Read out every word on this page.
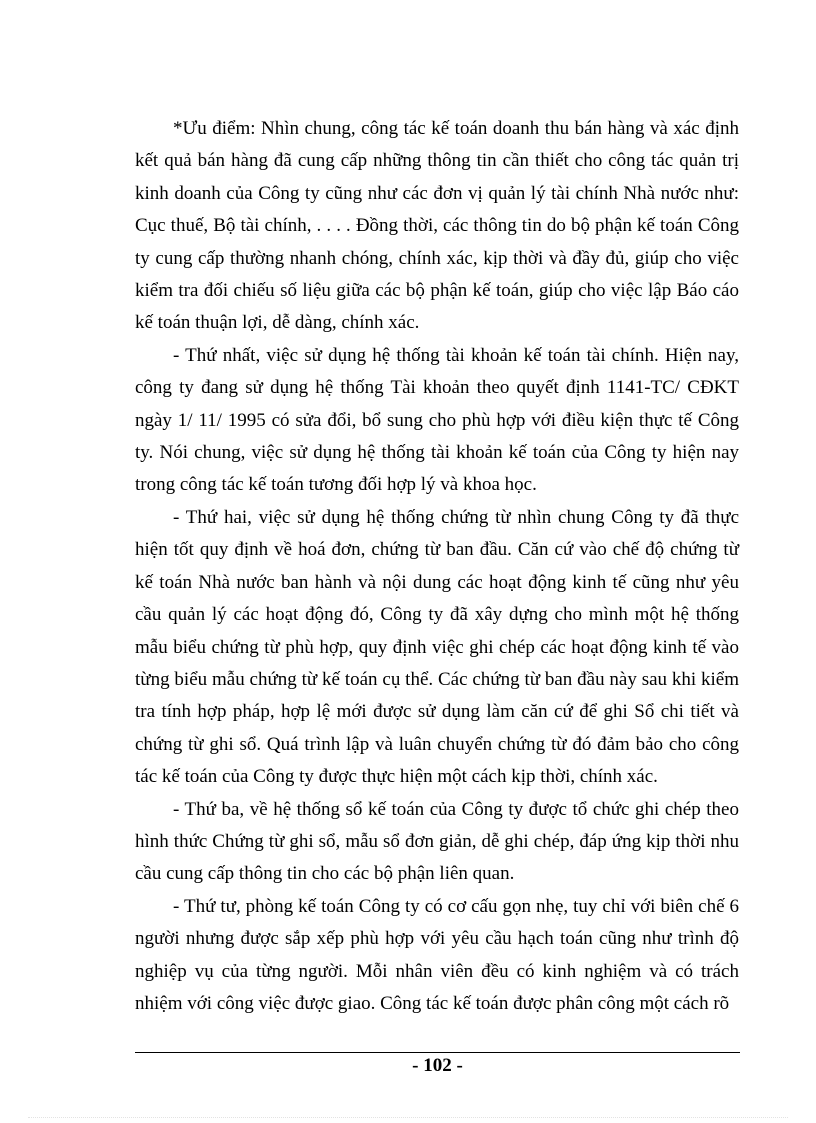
*Ưu điểm: Nhìn chung, công tác kế toán doanh thu bán hàng và xác định kết quả bán hàng đã cung cấp những thông tin cần thiết cho công tác quản trị kinh doanh của Công ty cũng như các đơn vị quản lý tài chính Nhà nước như: Cục thuế, Bộ tài chính, . . . . Đồng thời, các thông tin do bộ phận kế toán Công ty cung cấp thường nhanh chóng, chính xác, kịp thời và đầy đủ, giúp cho việc kiểm tra đối chiếu số liệu giữa các bộ phận kế toán, giúp cho việc lập Báo cáo kế toán thuận lợi, dễ dàng, chính xác.

- Thứ nhất, việc sử dụng hệ thống tài khoản kế toán tài chính. Hiện nay, công ty đang sử dụng hệ thống Tài khoản theo quyết định 1141-TC/ CĐKT ngày 1/ 11/ 1995 có sửa đổi, bổ sung cho phù hợp với điều kiện thực tế Công ty. Nói chung, việc sử dụng hệ thống tài khoản kế toán của Công ty hiện nay trong công tác kế toán tương đối hợp lý và khoa học.

- Thứ hai, việc sử dụng hệ thống chứng từ nhìn chung Công ty đã thực hiện tốt quy định về hoá đơn, chứng từ ban đầu. Căn cứ vào chế độ chứng từ kế toán Nhà nước ban hành và nội dung các hoạt động kinh tế cũng như yêu cầu quản lý các hoạt động đó, Công ty đã xây dựng cho mình một hệ thống mẫu biểu chứng từ phù hợp, quy định việc ghi chép các hoạt động kinh tế vào từng biểu mẫu chứng từ kế toán cụ thể. Các chứng từ ban đầu này sau khi kiểm tra tính hợp pháp, hợp lệ mới được sử dụng làm căn cứ để ghi Sổ chi tiết và chứng từ ghi sổ. Quá trình lập và luân chuyển chứng từ đó đảm bảo cho công tác kế toán của Công ty được thực hiện một cách kịp thời, chính xác.

- Thứ ba, về hệ thống sổ kế toán của Công ty được tổ chức ghi chép theo hình thức Chứng từ ghi sổ, mẫu sổ đơn giản, dễ ghi chép, đáp ứng kịp thời nhu cầu cung cấp thông tin cho các bộ phận liên quan.

- Thứ tư, phòng kế toán Công ty có cơ cấu gọn nhẹ, tuy chỉ với biên chế 6 người nhưng được sắp xếp phù hợp với yêu cầu hạch toán cũng như trình độ nghiệp vụ của từng người. Mỗi nhân viên đều có kinh nghiệm và có trách nhiệm với công việc được giao. Công tác kế toán được phân công một cách rõ

- 102 -
